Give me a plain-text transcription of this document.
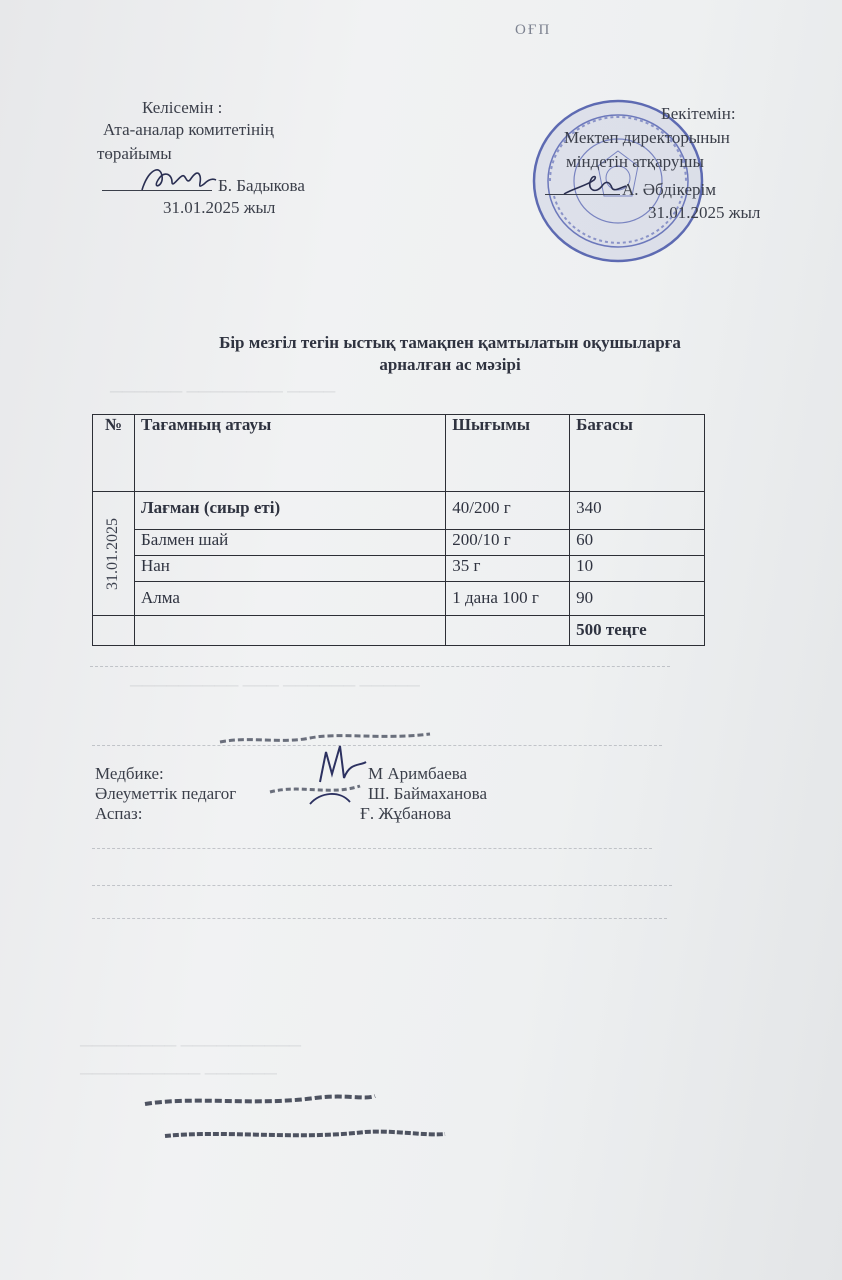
ОҒП
────── ──────── ────
───────── ─── ────── ─────
──────── ──────────
────────── ──────
Келісемін :
Ата-аналар комитетінің
төрайымы
Б. Бадыкова
31.01.2025 жыл
Бекітемін:
Мектеп директорынын
міндетін атқарушы
А. Әбдікерім
31.01.2025 жыл
Бір мезгіл тегін ыстық тамақпен қамтылатын оқушыларға
арналған ас мәзірі
№	Тағамның атауы	Шығымы	Бағасы

31.01.2025	Лағман (сиыр еті)	40/200 г	340
	Балмен шай	200/10 г	60
	Нан	35 г	10
	Алма	1 дана 100 г	90
			500 теңге
Медбике:	М Аримбаева
Әлеуметтік педагог	Ш. Баймаханова
Аспаз:	Ғ. Жұбанова
